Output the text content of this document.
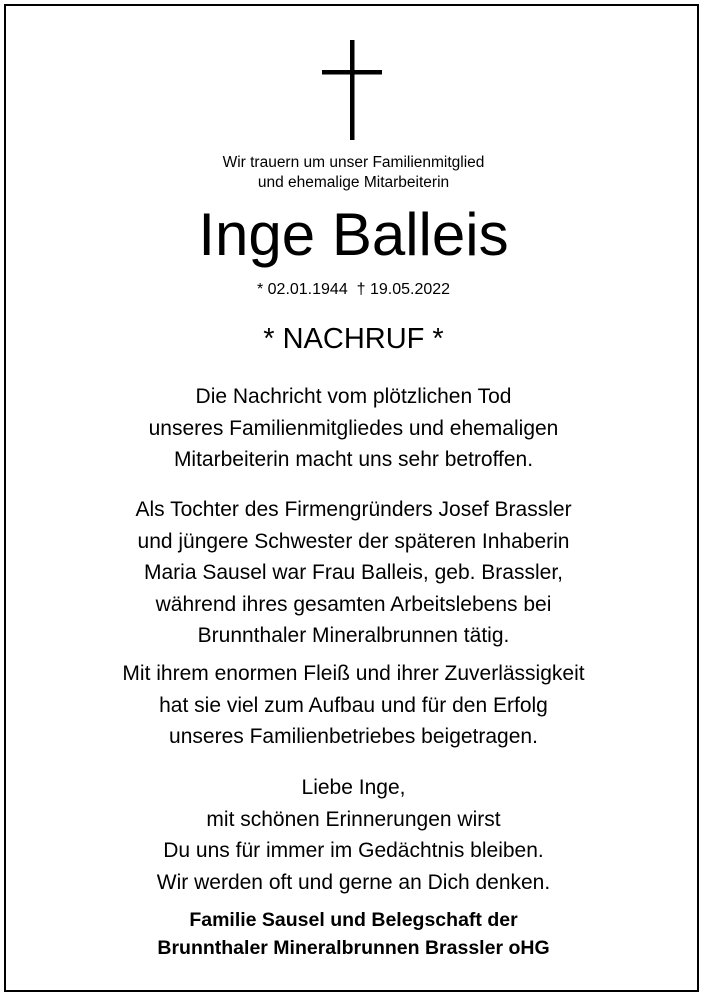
Wir trauern um unser Familienmitglied
und ehemalige Mitarbeiterin
Inge Balleis
* 02.01.1944  † 19.05.2022
* NACHRUF *
Die Nachricht vom plötzlichen Tod
unseres Familienmitgliedes und ehemaligen
Mitarbeiterin macht uns sehr betroffen.
Als Tochter des Firmengründers Josef Brassler
und jüngere Schwester der späteren Inhaberin
Maria Sausel war Frau Balleis, geb. Brassler,
während ihres gesamten Arbeitslebens bei
Brunnthaler Mineralbrunnen tätig.
Mit ihrem enormen Fleiß und ihrer Zuverlässigkeit
hat sie viel zum Aufbau und für den Erfolg
unseres Familienbetriebes beigetragen.
Liebe Inge,
mit schönen Erinnerungen wirst
Du uns für immer im Gedächtnis bleiben.
Wir werden oft und gerne an Dich denken.
Familie Sausel und Belegschaft der
Brunnthaler Mineralbrunnen Brassler oHG
